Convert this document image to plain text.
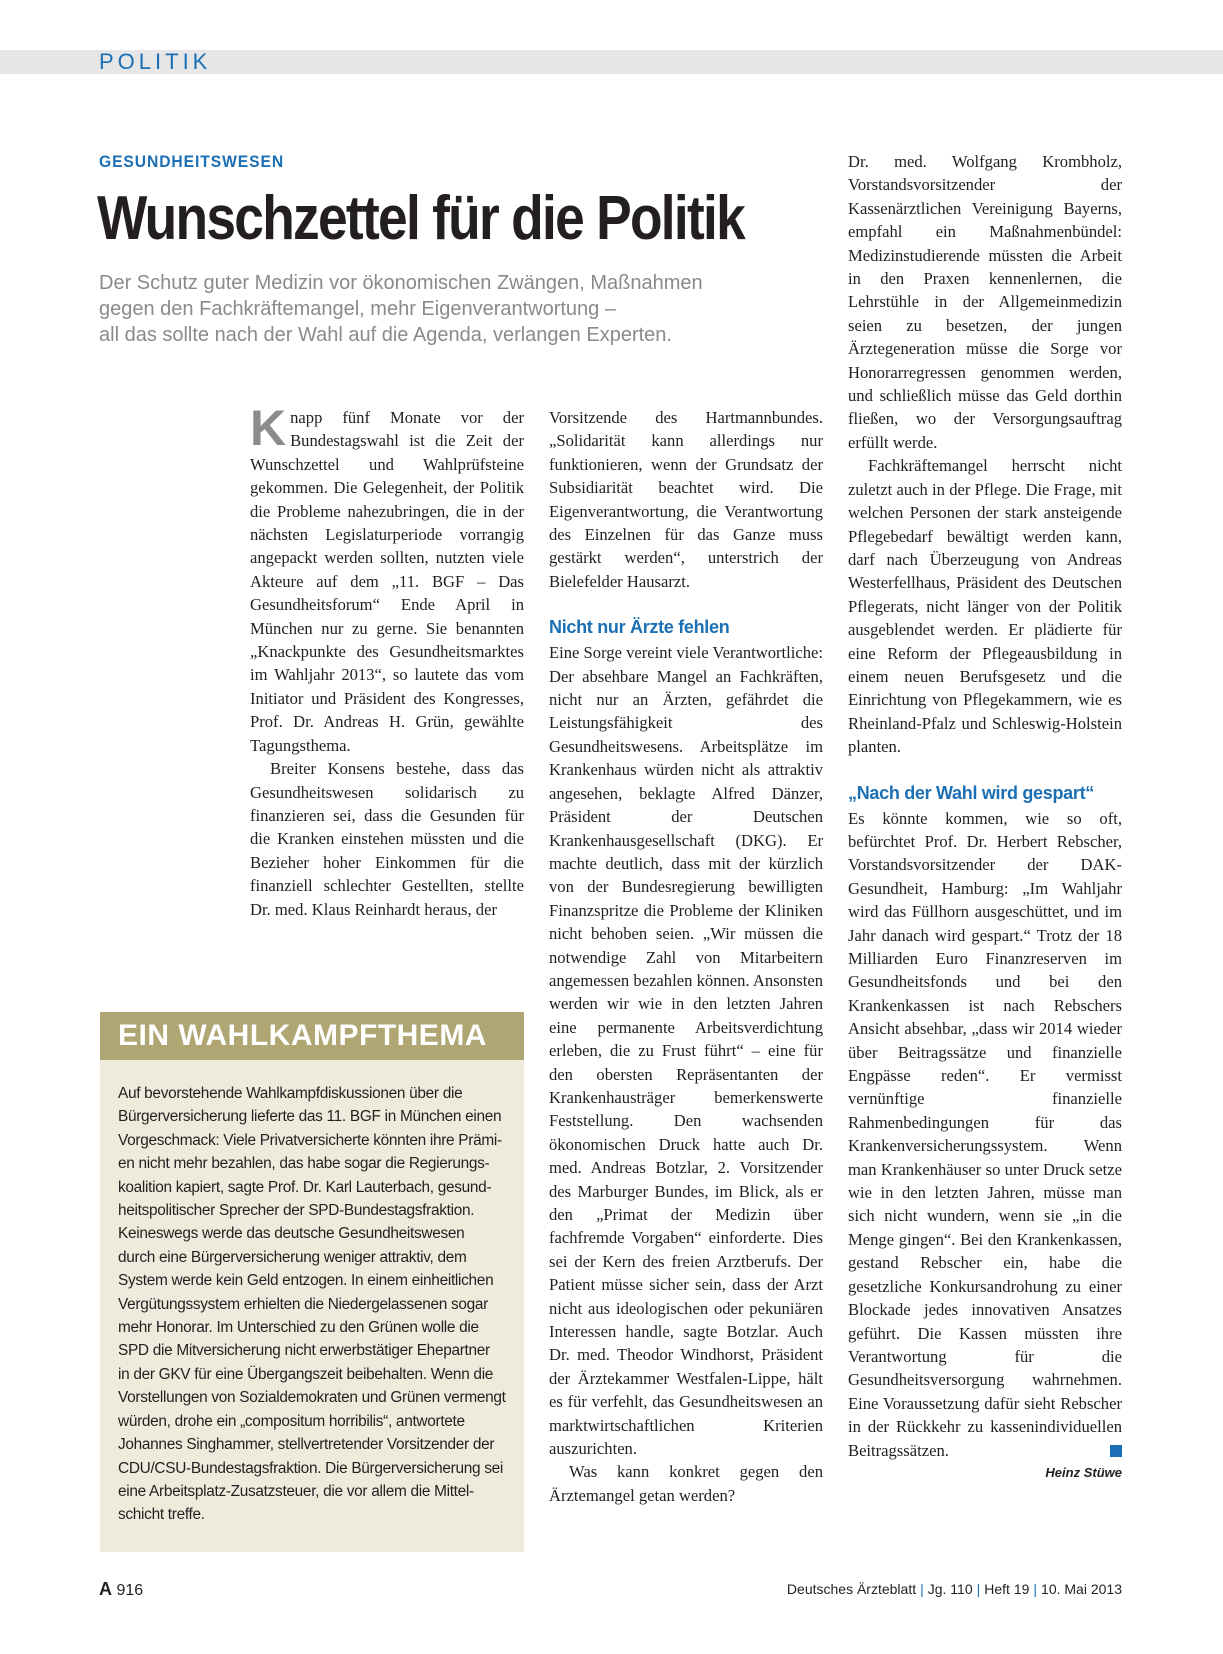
POLITIK
GESUNDHEITSWESEN
Wunschzettel für die Politik
Der Schutz guter Medizin vor ökonomischen Zwängen, Maßnahmen
gegen den Fachkräftemangel, mehr Eigenverantwortung –
all das sollte nach der Wahl auf die Agenda, verlangen Experten.

Knapp fünf Monate vor der Bundestagswahl ist die Zeit der Wunschzettel und Wahlprüfsteine gekommen. Die Gelegenheit, der Politik die Probleme nahezubringen, die in der nächsten Legislaturperiode vorrangig angepackt werden sollten, nutzten viele Akteure auf dem „11. BGF – Das Gesundheitsforum“ Ende April in München nur zu gerne. Sie benannten „Knackpunkte des Gesundheitsmarktes im Wahljahr 2013“, so lautete das vom Initiator und Präsident des Kongresses, Prof. Dr. Andreas H. Grün, gewählte Tagungsthema.

Breiter Konsens bestehe, dass das Gesundheitswesen solidarisch zu finanzieren sei, dass die Gesunden für die Kranken einstehen müssten und die Bezieher hoher Einkommen für die finanziell schlechter Gestellten, stellte Dr. med. Klaus Reinhardt heraus, der

Vorsitzende des Hartmannbundes. „Solidarität kann allerdings nur funktionieren, wenn der Grundsatz der Subsidiarität beachtet wird. Die Eigenverantwortung, die Verantwortung des Einzelnen für das Ganze muss gestärkt werden“, unterstrich der Bielefelder Hausarzt.

Nicht nur Ärzte fehlen

Eine Sorge vereint viele Verantwortliche: Der absehbare Mangel an Fachkräften, nicht nur an Ärzten, gefährdet die Leistungsfähigkeit des Gesundheitswesens. Arbeitsplätze im Krankenhaus würden nicht als attraktiv angesehen, beklagte Alfred Dänzer, Präsident der Deutschen Krankenhausgesellschaft (DKG). Er machte deutlich, dass mit der kürzlich von der Bundesregierung bewilligten Finanzspritze die Probleme der Kliniken nicht behoben seien. „Wir müssen die notwendige Zahl von Mitarbeitern angemessen bezahlen können. Ansonsten werden wir wie in den letzten Jahren eine permanente Arbeitsverdichtung erleben, die zu Frust führt“ – eine für den obersten Repräsentanten der Krankenhausträger bemerkenswerte Feststellung. Den wachsenden ökonomischen Druck hatte auch Dr. med. Andreas Botzlar, 2. Vorsitzender des Marburger Bundes, im Blick, als er den „Primat der Medizin über fachfremde Vorgaben“ einforderte. Dies sei der Kern des freien Arztberufs. Der Patient müsse sicher sein, dass der Arzt nicht aus ideologischen oder pekuniären Interessen handle, sagte Botzlar. Auch Dr. med. Theodor Windhorst, Präsident der Ärztekammer Westfalen-Lippe, hält es für verfehlt, das Gesundheitswesen an marktwirtschaftlichen Kriterien auszurichten.

Was kann konkret gegen den Ärztemangel getan werden?

Dr. med. Wolfgang Krombholz, Vorstandsvorsitzender der Kassenärztlichen Vereinigung Bayerns, empfahl ein Maßnahmenbündel: Medizinstudierende müssten die Arbeit in den Praxen kennenlernen, die Lehrstühle in der Allgemeinmedizin seien zu besetzen, der jungen Ärztegeneration müsse die Sorge vor Honorarregressen genommen werden, und schließlich müsse das Geld dorthin fließen, wo der Versorgungsauftrag erfüllt werde.

Fachkräftemangel herrscht nicht zuletzt auch in der Pflege. Die Frage, mit welchen Personen der stark ansteigende Pflegebedarf bewältigt werden kann, darf nach Überzeugung von Andreas Westerfellhaus, Präsident des Deutschen Pflegerats, nicht länger von der Politik ausgeblendet werden. Er plädierte für eine Reform der Pflegeausbildung in einem neuen Berufsgesetz und die Einrichtung von Pflegekammern, wie es Rheinland-Pfalz und Schleswig-Holstein planten.

„Nach der Wahl wird gespart“

Es könnte kommen, wie so oft, befürchtet Prof. Dr. Herbert Rebscher, Vorstandsvorsitzender der DAK-Gesundheit, Hamburg: „Im Wahljahr wird das Füllhorn ausgeschüttet, und im Jahr danach wird gespart.“ Trotz der 18 Milliarden Euro Finanzreserven im Gesundheitsfonds und bei den Krankenkassen ist nach Rebschers Ansicht absehbar, „dass wir 2014 wieder über Beitragssätze und finanzielle Engpässe reden“. Er vermisst vernünftige finanzielle Rahmenbedingungen für das Krankenversicherungssystem. Wenn man Krankenhäuser so unter Druck setze wie in den letzten Jahren, müsse man sich nicht wundern, wenn sie „in die Menge gingen“. Bei den Krankenkassen, gestand Rebscher ein, habe die gesetzliche Konkursandrohung zu einer Blockade jedes innovativen Ansatzes geführt. Die Kassen müssten ihre Verantwortung für die Gesundheitsversorgung wahrnehmen. Eine Voraussetzung dafür sieht Rebscher in der Rückkehr zu kassenindividuellen Beitragssätzen.

Heinz Stüwe
EIN WAHLKAMPFTHEMA
Auf bevorstehende Wahlkampfdiskussionen über die
Bürgerversicherung lieferte das 11. BGF in München einen
Vorgeschmack: Viele Privatversicherte könnten ihre Prämi-
en nicht mehr bezahlen, das habe sogar die Regierungs-
koalition kapiert, sagte Prof. Dr. Karl Lauterbach, gesund-
heitspolitischer Sprecher der SPD-Bundestagsfraktion.
Keineswegs werde das deutsche Gesundheitswesen
durch eine Bürgerversicherung weniger attraktiv, dem
System werde kein Geld entzogen. In einem einheitlichen
Vergütungssystem erhielten die Niedergelassenen sogar
mehr Honorar. Im Unterschied zu den Grünen wolle die
SPD die Mitversicherung nicht erwerbstätiger Ehepartner
in der GKV für eine Übergangszeit beibehalten. Wenn die
Vorstellungen von Sozialdemokraten und Grünen vermengt
würden, drohe ein „compositum horribilis“, antwortete
Johannes Singhammer, stellvertretender Vorsitzender der
CDU/CSU-Bundestagsfraktion. Die Bürgerversicherung sei
eine Arbeitsplatz-Zusatzsteuer, die vor allem die Mittel-
schicht treffe.
A 916	Deutsches Ärzteblatt | Jg. 110 | Heft 19 | 10. Mai 2013
